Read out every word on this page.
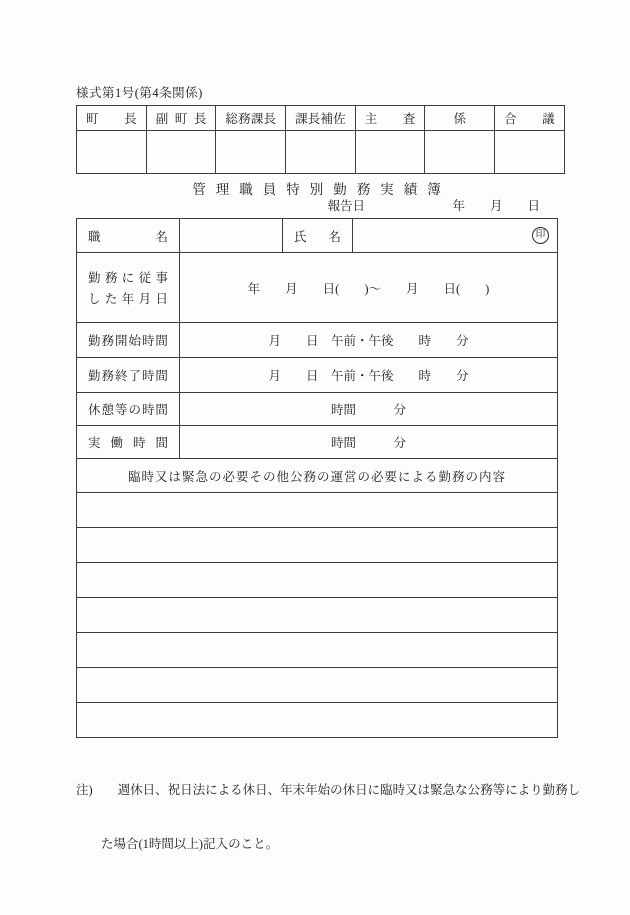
様式第1号(第4条関係)
町 長	副 町 長	総 務 課 長	課 長 補 佐	主 査	係	合 議

管理職員特別勤務実績簿
報告日　　　　　　　年　　月　　日
職 名		氏 名	印

勤 務 に 従 事
し た 年 月 日
	年　　月　　日(　　)～　　月　　日(　　)

勤 務 開 始 時 間	月　　日　午前・午後　　時　　分

勤 務 終 了 時 間	月　　日　午前・午後　　時　　分

休 憩 等 の 時 間	時間　　　分

実 働 時 間	時間　　　分		
臨時又は緊急の必要その他公務の運営の必要による勤務の内容			

注)　　週休日、祝日法による休日、年末年始の休日に臨時又は緊急な公務等により勤務し

　　た場合(1時間以上)記入のこと。
